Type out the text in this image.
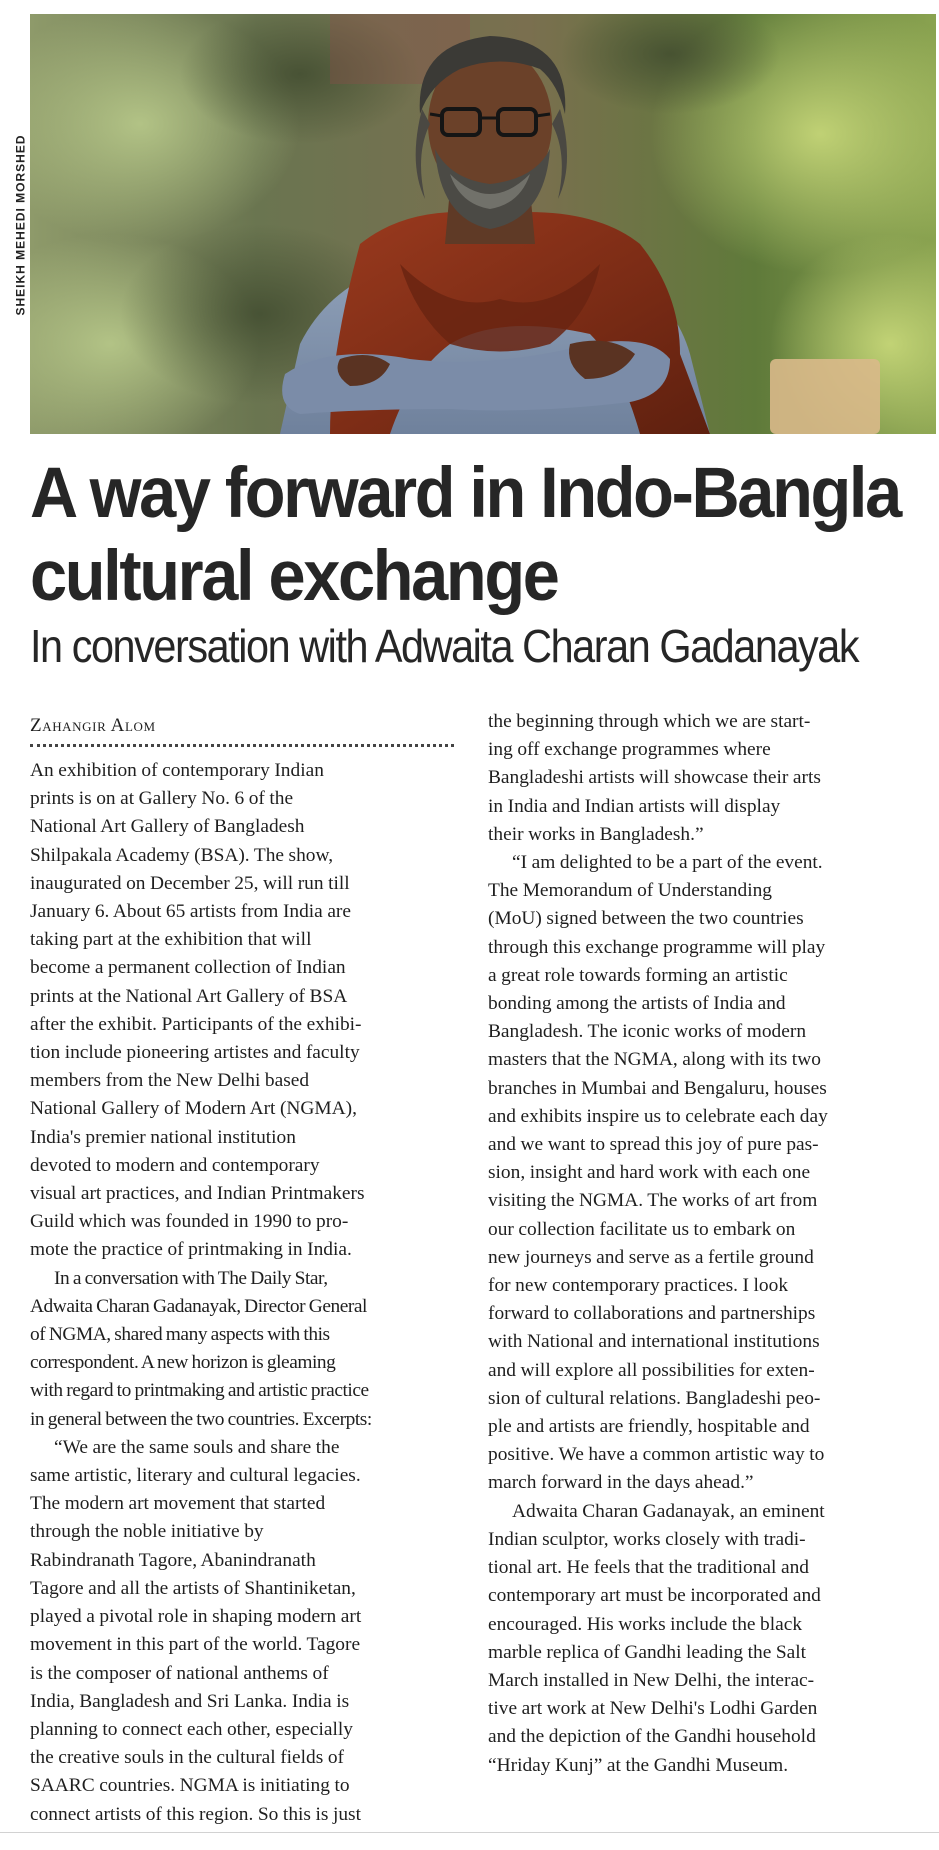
SHEIKH MEHEDI MORSHED
A way forward in Indo-Bangla
cultural exchange
In conversation with Adwaita Charan Gadanayak
Zahangir Alom

An exhibition of contemporary Indian
prints is on at Gallery No. 6 of the
National Art Gallery of Bangladesh
Shilpakala Academy (BSA). The show,
inaugurated on December 25, will run till
January 6. About 65 artists from India are
taking part at the exhibition that will
become a permanent collection of Indian
prints at the National Art Gallery of BSA
after the exhibit. Participants of the exhibi-
tion include pioneering artistes and faculty
members from the New Delhi based
National Gallery of Modern Art (NGMA),
India's premier national institution
devoted to modern and contemporary
visual art practices, and Indian Printmakers
Guild which was founded in 1990 to pro-
mote the practice of printmaking in India.

In a conversation with The Daily Star,
Adwaita Charan Gadanayak, Director General
of NGMA, shared many aspects with this
correspondent. A new horizon is gleaming
with regard to printmaking and artistic practice
in general between the two countries. Excerpts:

“We are the same souls and share the
same artistic, literary and cultural legacies.
The modern art movement that started
through the noble initiative by
Rabindranath Tagore, Abanindranath
Tagore and all the artists of Shantiniketan,
played a pivotal role in shaping modern art
movement in this part of the world. Tagore
is the composer of national anthems of
India, Bangladesh and Sri Lanka. India is
planning to connect each other, especially
the creative souls in the cultural fields of
SAARC countries. NGMA is initiating to
connect artists of this region. So this is just

the beginning through which we are start-
ing off exchange programmes where
Bangladeshi artists will showcase their arts
in India and Indian artists will display
their works in Bangladesh.”

“I am delighted to be a part of the event.
The Memorandum of Understanding
(MoU) signed between the two countries
through this exchange programme will play
a great role towards forming an artistic
bonding among the artists of India and
Bangladesh. The iconic works of modern
masters that the NGMA, along with its two
branches in Mumbai and Bengaluru, houses
and exhibits inspire us to celebrate each day
and we want to spread this joy of pure pas-
sion, insight and hard work with each one
visiting the NGMA. The works of art from
our collection facilitate us to embark on
new journeys and serve as a fertile ground
for new contemporary practices. I look
forward to collaborations and partnerships
with National and international institutions
and will explore all possibilities for exten-
sion of cultural relations. Bangladeshi peo-
ple and artists are friendly, hospitable and
positive. We have a common artistic way to
march forward in the days ahead.”

Adwaita Charan Gadanayak, an eminent
Indian sculptor, works closely with tradi-
tional art. He feels that the traditional and
contemporary art must be incorporated and
encouraged. His works include the black
marble replica of Gandhi leading the Salt
March installed in New Delhi, the interac-
tive art work at New Delhi's Lodhi Garden
and the depiction of the Gandhi household
“Hriday Kunj” at the Gandhi Museum.
